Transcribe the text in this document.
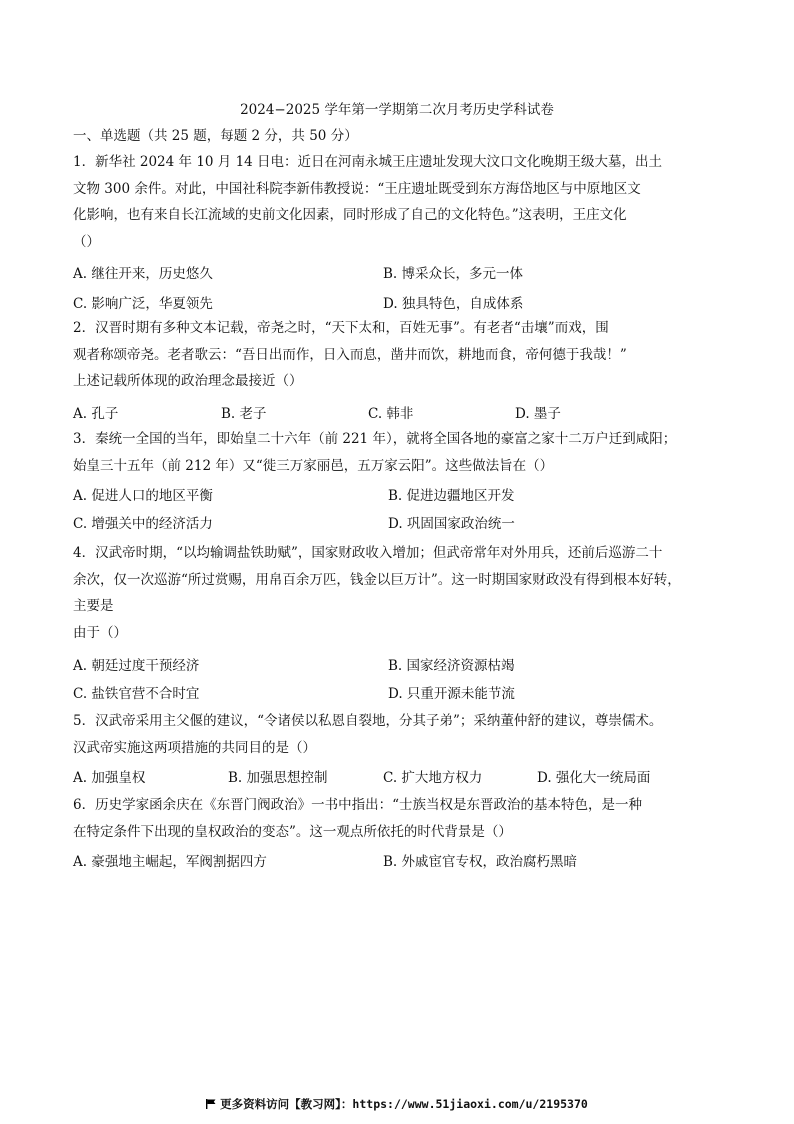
2024−2025 学年第一学期第二次月考历史学科试卷
一、单选题（共 25 题，每题 2 分，共 50 分）
1．新华社 2024 年 10 月 14 日电：近日在河南永城王庄遗址发现大汶口文化晚期王级大墓，出土
文物 300 余件。对此，中国社科院李新伟教授说：“王庄遗址既受到东方海岱地区与中原地区文
化影响，也有来自长江流域的史前文化因素，同时形成了自己的文化特色。”这表明，王庄文化
（）
A. 继往开来，历史悠久	B. 博采众长，多元一体
C. 影响广泛，华夏领先	D. 独具特色，自成体系
2．汉晋时期有多种文本记载，帝尧之时，“天下太和，百姓无事”。有老者“击壤”而戏，围
观者称颂帝尧。老者歌云：“吾日出而作，日入而息，凿井而饮，耕地而食，帝何德于我哉！”
上述记载所体现的政治理念最接近（）
A. 孔子	B. 老子	C. 韩非	D. 墨子
3．秦统一全国的当年，即始皇二十六年（前 221 年），就将全国各地的豪富之家十二万户迁到咸阳；
始皇三十五年（前 212 年）又“徙三万家丽邑，五万家云阳”。这些做法旨在（）
A. 促进人口的地区平衡	B. 促进边疆地区开发
C. 增强关中的经济活力	D. 巩固国家政治统一
4．汉武帝时期，“以均输调盐铁助赋”，国家财政收入增加；但武帝常年对外用兵，还前后巡游二十
余次，仅一次巡游“所过赏赐，用帛百余万匹，钱金以巨万计”。这一时期国家财政没有得到根本好转，
主要是
由于（）
A. 朝廷过度干预经济	B. 国家经济资源枯竭
C. 盐铁官营不合时宜	D. 只重开源未能节流
5．汉武帝采用主父偃的建议，“令诸侯以私恩自裂地，分其子弟”；采纳董仲舒的建议，尊崇儒术。
汉武帝实施这两项措施的共同目的是（）
A. 加强皇权	B. 加强思想控制	C. 扩大地方权力	D. 强化大一统局面
6．历史学家函余庆在《东晋门阀政治》一书中指出：“士族当权是东晋政治的基本特色，是一种
在特定条件下出现的皇权政治的变态”。这一观点所依托的时代背景是（）
A. 豪强地主崛起，军阀割据四方	B. 外戚宦官专权，政治腐朽黑暗
更多资料访问【教习网】：https://www.51jiaoxi.com/u/2195370
